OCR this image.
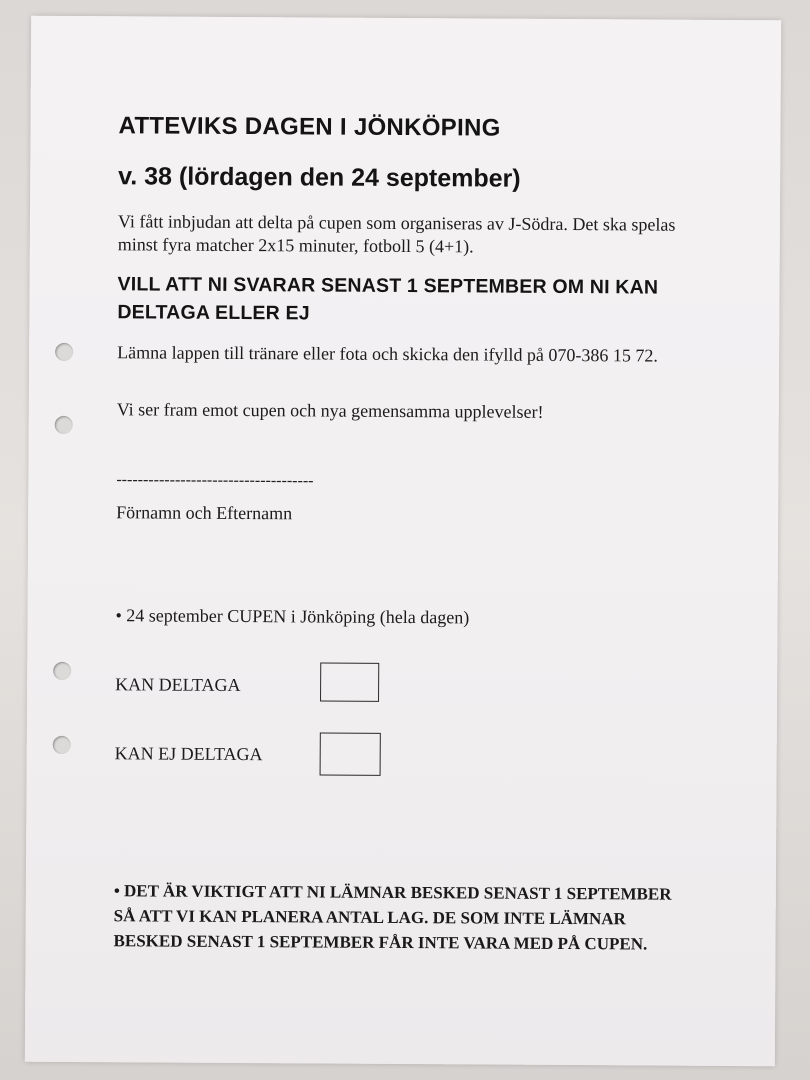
ATTEVIKS DAGEN I JÖNKÖPING
v. 38 (lördagen den 24 september)

Vi fått inbjudan att delta på cupen som organiseras av J-Södra. Det ska spelas minst fyra matcher 2x15 minuter, fotboll 5 (4+1).

VILL ATT NI SVARAR SENAST 1 SEPTEMBER OM NI KAN DELTAGA ELLER EJ

Lämna lappen till tränare eller fota och skicka den ifylld på 070-386 15 72.

Vi ser fram emot cupen och nya gemensamma upplevelser!

-------------------------------------

Förnamn och Efternamn

• 24 september CUPEN i Jönköping (hela dagen)

KAN DELTAGA

KAN EJ DELTAGA

• DET ÄR VIKTIGT ATT NI LÄMNAR BESKED SENAST 1 SEPTEMBER SÅ ATT VI KAN PLANERA ANTAL LAG. DE SOM INTE LÄMNAR BESKED SENAST 1 SEPTEMBER FÅR INTE VARA MED PÅ CUPEN.
